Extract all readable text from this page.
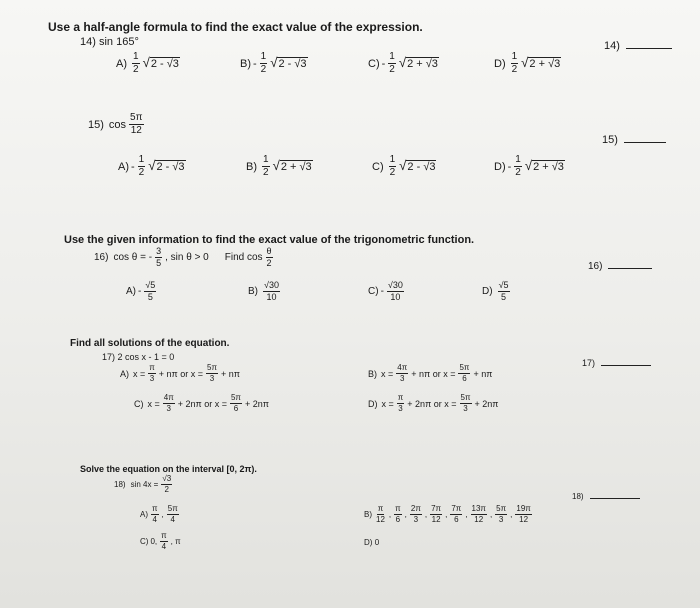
Use a half-angle formula to find the exact value of the expression.
14) sin 165°	14)
$A) \frac{1}{2}$ √ 2 - √3	$B) - \frac{1}{2}$ √ 2 - √3	$C) - \frac{1}{2}$ √ 2 + √3	$D) \frac{1}{2}$ √ 2 + √3
15) $\cos \frac{5\pi}{12}$
15)
$A) - \frac{1}{2}$ √ 2 - √3	$B) \frac{1}{2}$ √ 2 + √3	$C) \frac{1}{2}$ √ 2 - √3	$D) - \frac{1}{2}$ √ 2 + √3
Use the given information to find the exact value of the trigonometric function.
16) cos θ = - $\frac{3}{5}$ , sin θ > 0 Find $\cos \frac{\theta}{2}$	16)
$A) - \frac{√5}{5}$	$B) \frac{√30}{10}$	$C) - \frac{√30}{10}$	$D) \frac{√5}{5}$
Find all solutions of the equation.
17) 2 cos x - 1 = 0
17)
A) $x = \frac{\pi}{3} + n\pi$ or $x = \frac{5\pi}{3} + n\pi$	B) $x = \frac{4\pi}{3} + n\pi$ or $x = \frac{5\pi}{6} + n\pi$
C) $x = \frac{4\pi}{3} + 2n\pi$ or $x = \frac{5\pi}{6} + 2n\pi$	D) $x = \frac{\pi}{3} + 2n\pi$ or $x = \frac{5\pi}{3} + 2n\pi$
Solve the equation on the interval [0, 2π).
18) $\sin 4x = \frac{√3}{2}$
18)
$A) \frac{\pi}{4}$ , $\frac{5\pi}{4}$	$B) \frac{\pi}{12}$ , $\frac{\pi}{6}$ , $\frac{2\pi}{3}$ , $\frac{7\pi}{12}$ , $\frac{7\pi}{6}$ , $\frac{13\pi}{12}$ , $\frac{5\pi}{3}$ , $\frac{19\pi}{12}$
C) 0, $\frac{\pi}{4}$ , π	D) 0
